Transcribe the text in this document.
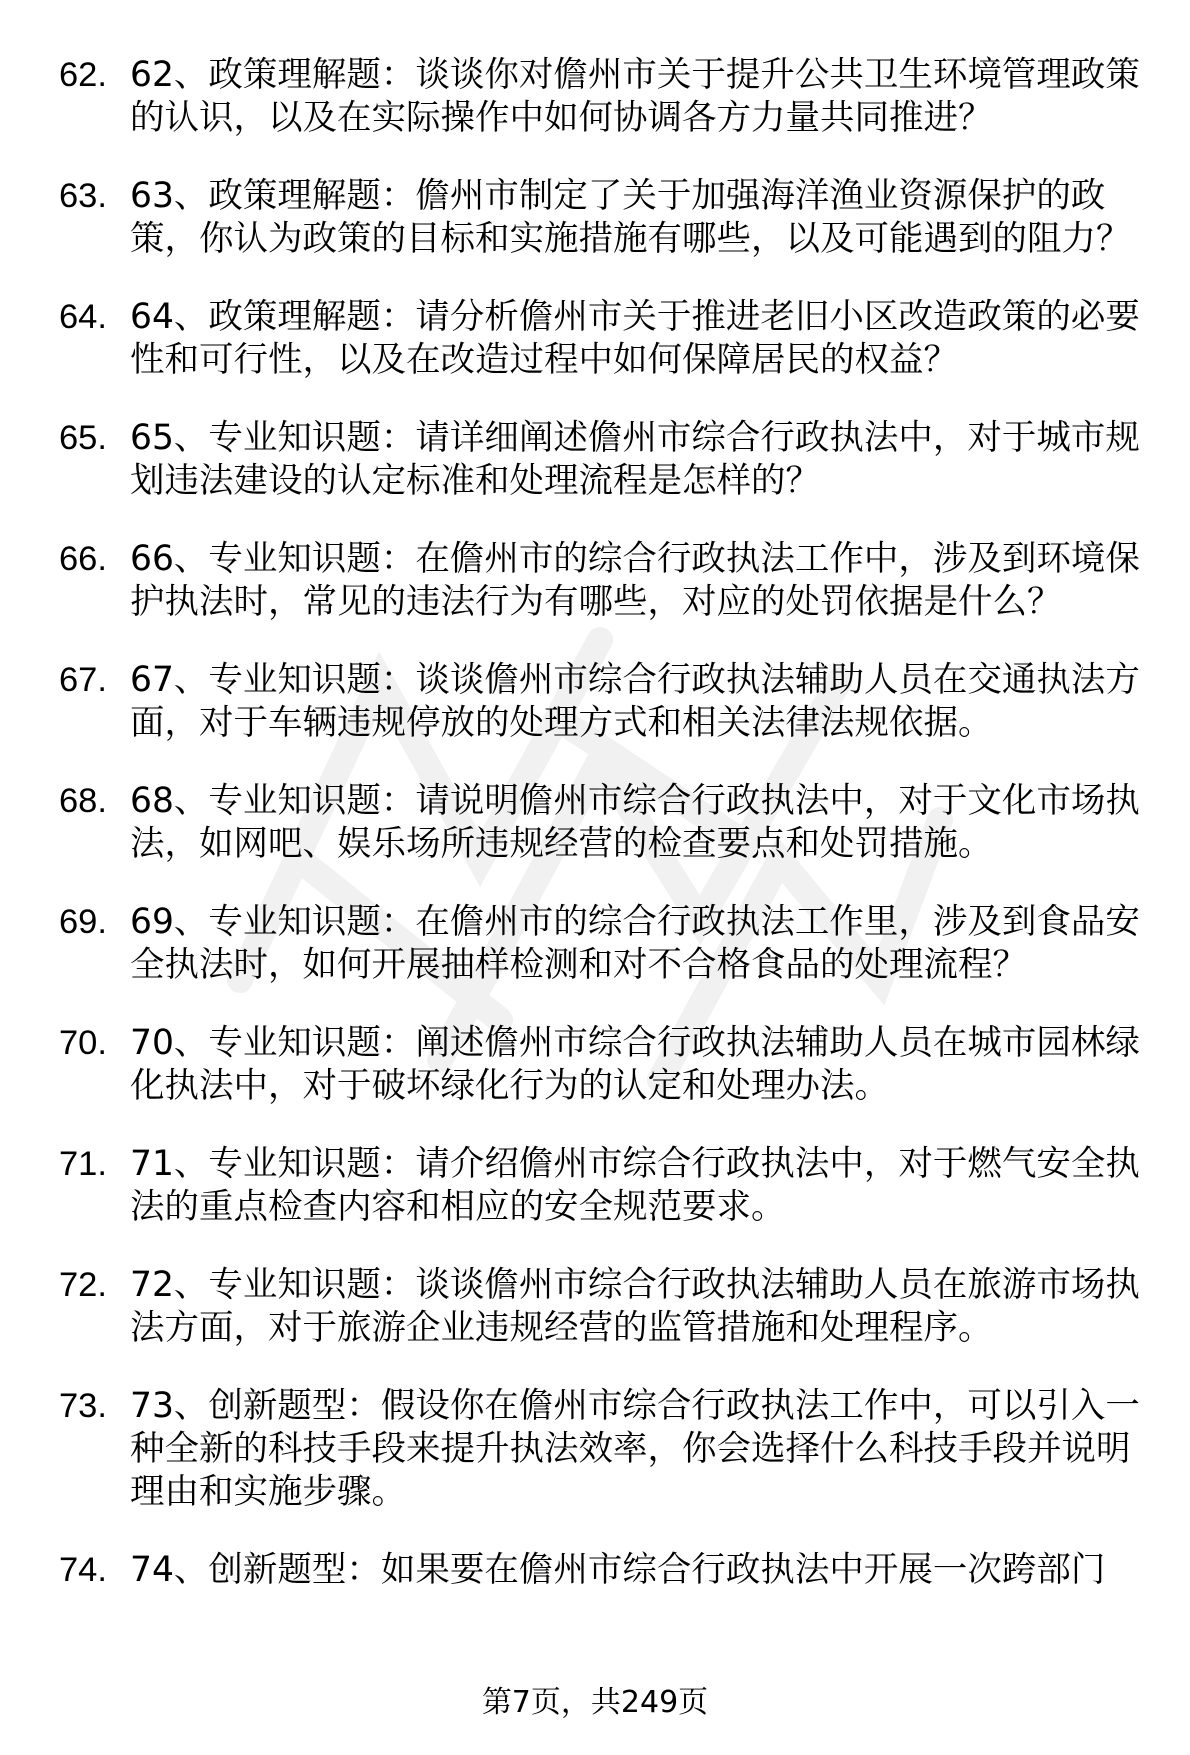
62. 62、政策理解题：谈谈你对儋州市关于提升公共卫生环境管理政策的认识，以及在实际操作中如何协调各方力量共同推进？
63. 63、政策理解题：儋州市制定了关于加强海洋渔业资源保护的政策，你认为政策的目标和实施措施有哪些，以及可能遇到的阻力？
64. 64、政策理解题：请分析儋州市关于推进老旧小区改造政策的必要性和可行性，以及在改造过程中如何保障居民的权益？
65. 65、专业知识题：请详细阐述儋州市综合行政执法中，对于城市规划违法建设的认定标准和处理流程是怎样的？
66. 66、专业知识题：在儋州市的综合行政执法工作中，涉及到环境保护执法时，常见的违法行为有哪些，对应的处罚依据是什么？
67. 67、专业知识题：谈谈儋州市综合行政执法辅助人员在交通执法方面，对于车辆违规停放的处理方式和相关法律法规依据。
68. 68、专业知识题：请说明儋州市综合行政执法中，对于文化市场执法，如网吧、娱乐场所违规经营的检查要点和处罚措施。
69. 69、专业知识题：在儋州市的综合行政执法工作里，涉及到食品安全执法时，如何开展抽样检测和对不合格食品的处理流程？
70. 70、专业知识题：阐述儋州市综合行政执法辅助人员在城市园林绿化执法中，对于破坏绿化行为的认定和处理办法。
71. 71、专业知识题：请介绍儋州市综合行政执法中，对于燃气安全执法的重点检查内容和相应的安全规范要求。
72. 72、专业知识题：谈谈儋州市综合行政执法辅助人员在旅游市场执法方面，对于旅游企业违规经营的监管措施和处理程序。
73. 73、创新题型：假设你在儋州市综合行政执法工作中，可以引入一种全新的科技手段来提升执法效率，你会选择什么科技手段并说明理由和实施步骤。
74. 74、创新题型：如果要在儋州市综合行政执法中开展一次跨部门
第7页，共249页
